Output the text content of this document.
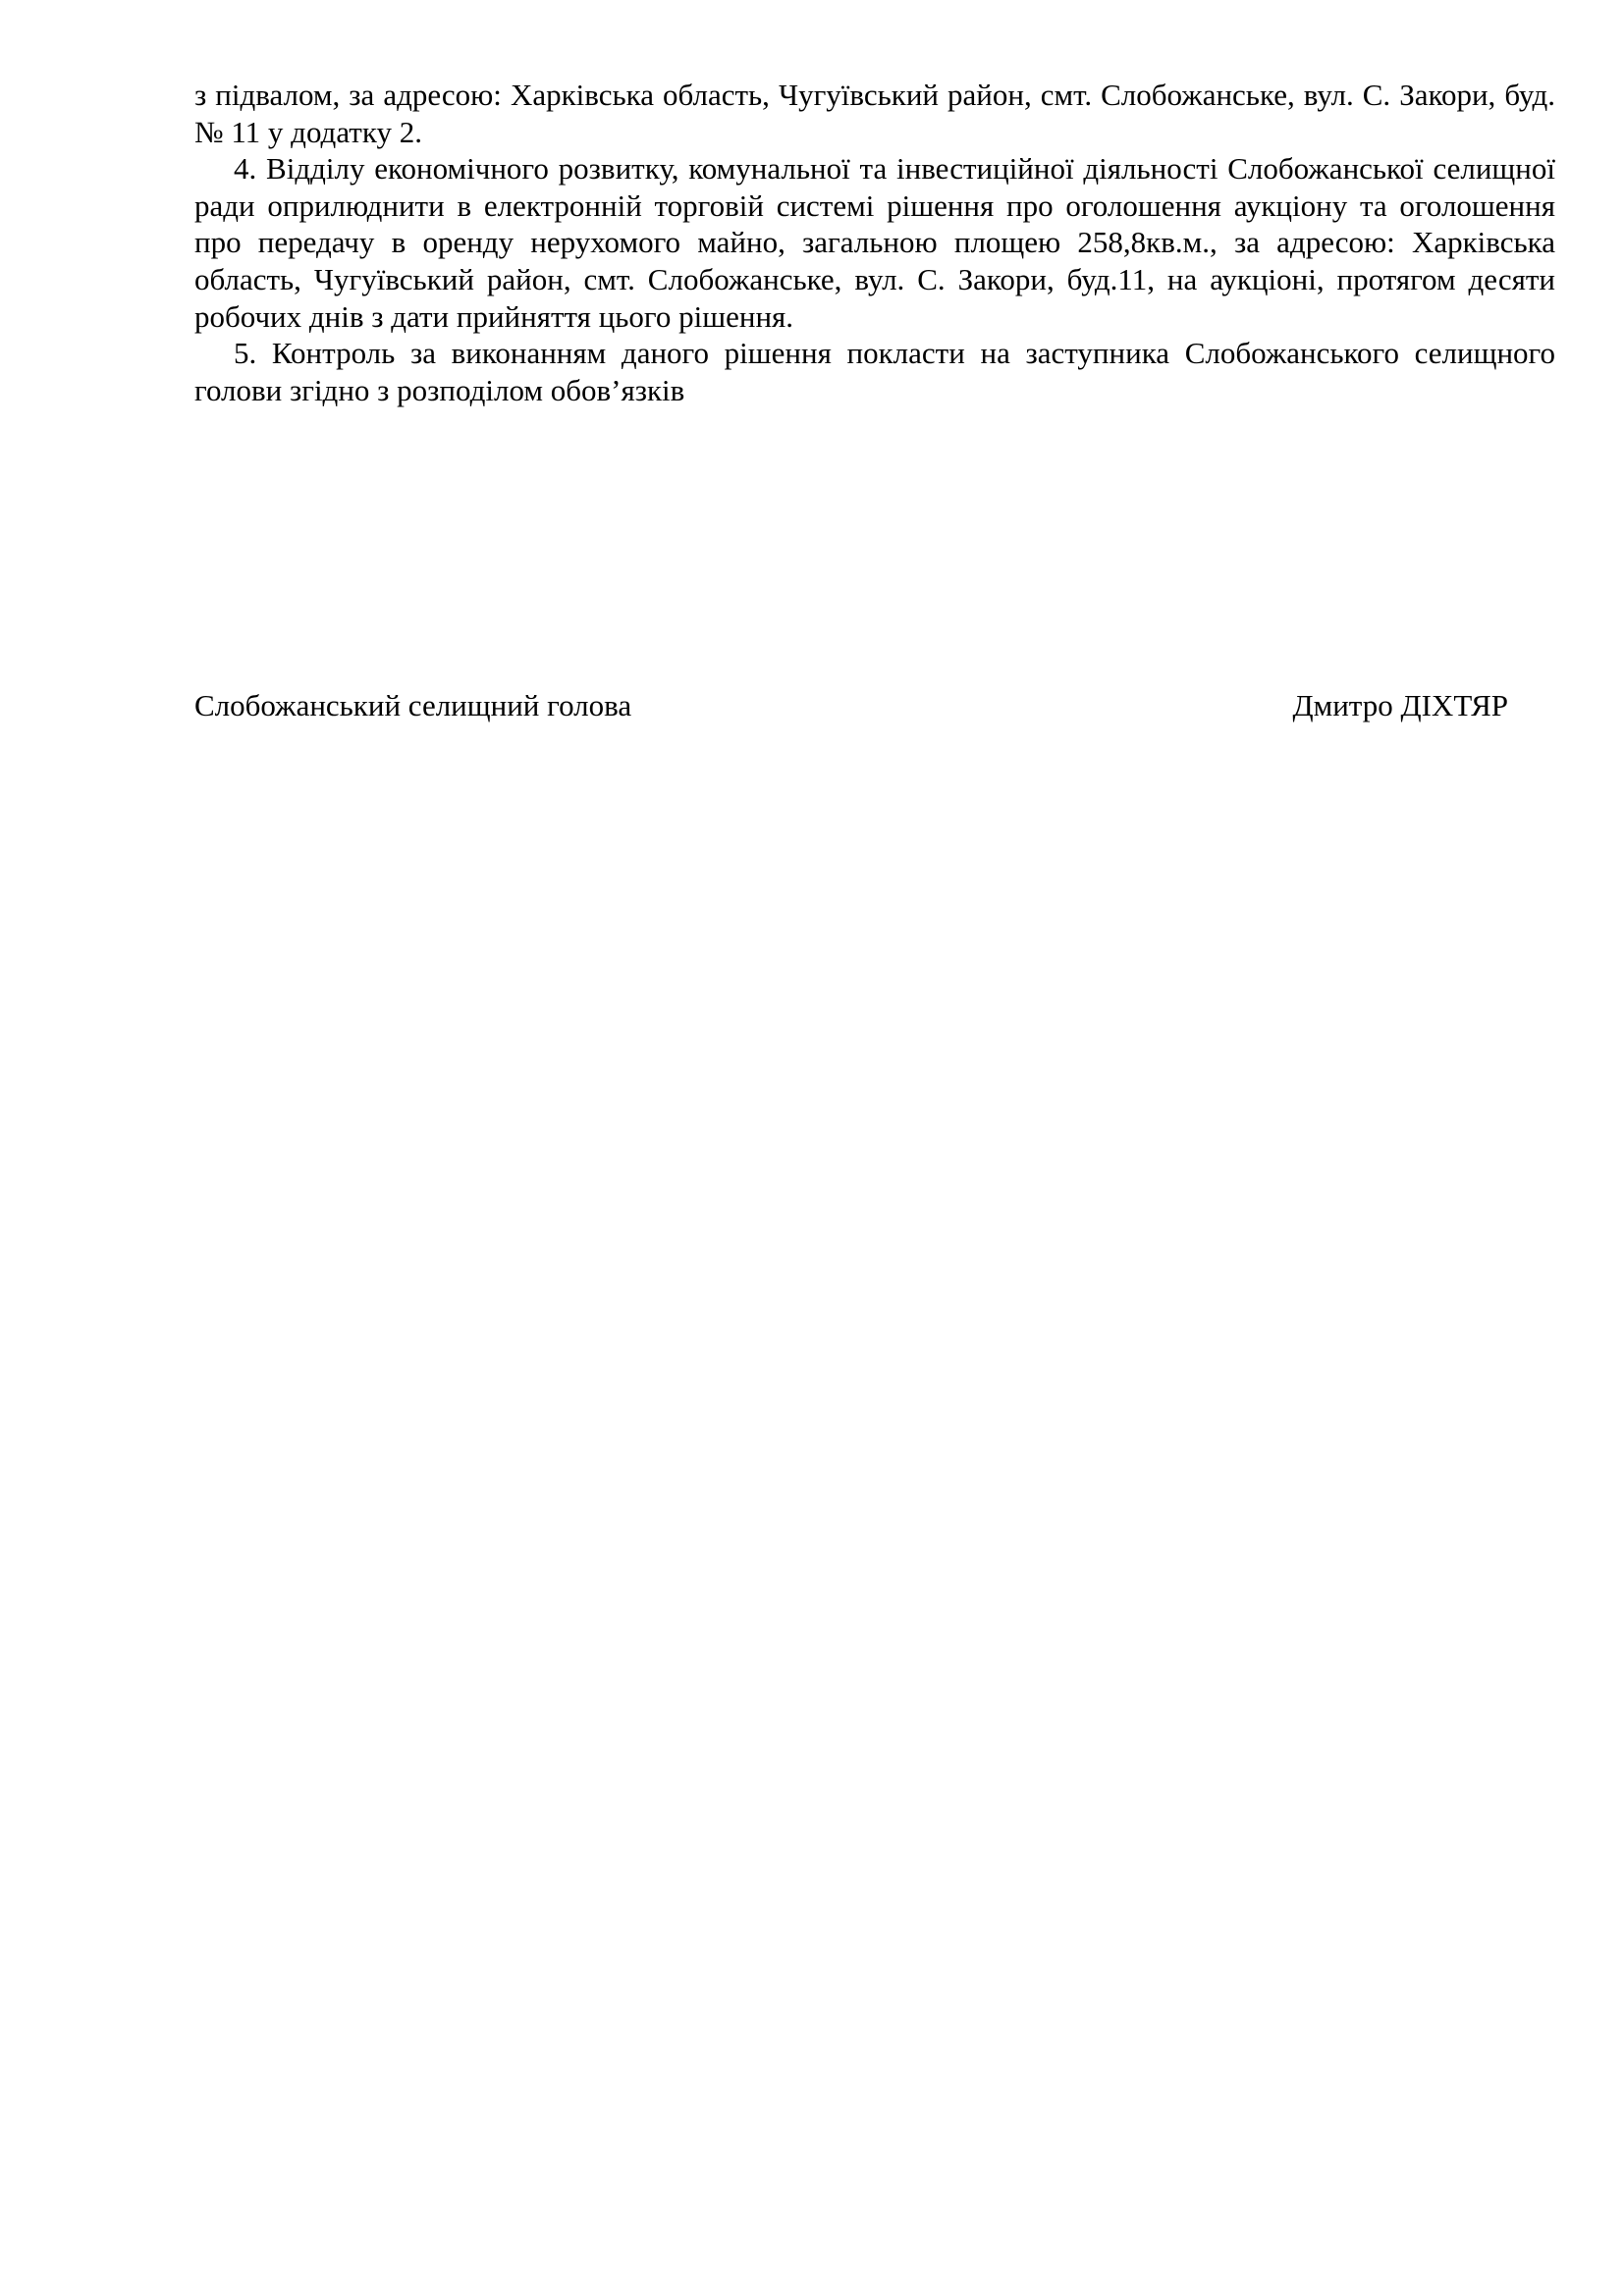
з підвалом, за адресою: Харківська область, Чугуївський район, смт. Слобожанське, вул. С. Закори, буд. № 11 у додатку 2.

4. Відділу економічного розвитку, комунальної та інвестиційної діяльності Слобожанської селищної ради оприлюднити в електронній торговій системі рішення про оголошення аукціону та оголошення про передачу в оренду нерухомого майно, загальною площею 258,8кв.м., за адресою: Харківська область, Чугуївський район, смт. Слобожанське, вул. С. Закори, буд.11, на аукціоні, протягом десяти робочих днів з дати прийняття цього рішення.

5. Контроль за виконанням даного рішення покласти на заступника Слобожанського селищного голови згідно з розподілом обов’язків

Слобожанський селищний голова	Дмитро ДІХТЯР
